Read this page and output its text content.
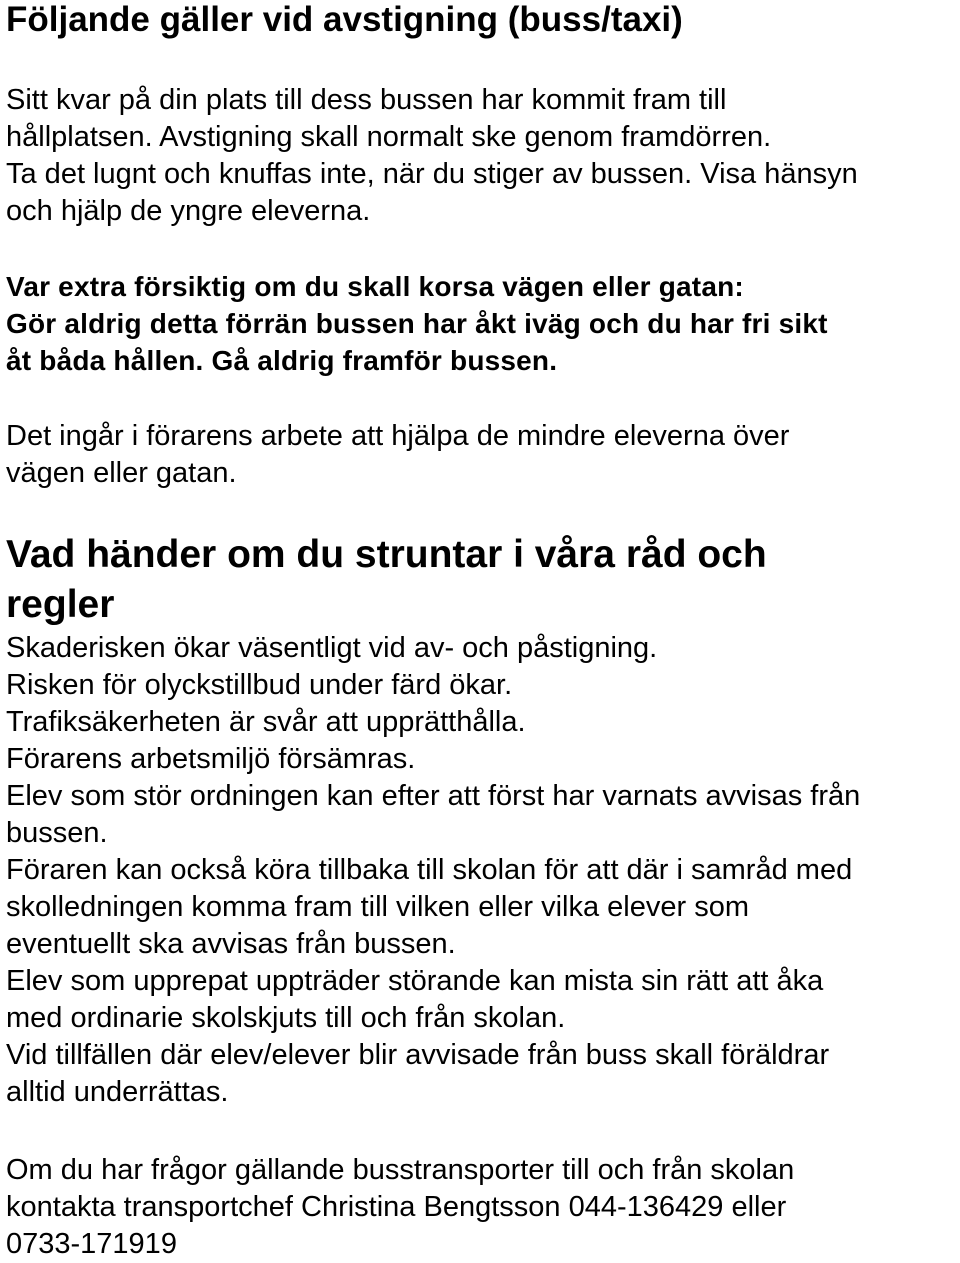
Följande gäller vid avstigning (buss/taxi)
Sitt kvar på din plats till dess bussen har kommit fram till
hållplatsen. Avstigning skall normalt ske genom framdörren.
Ta det lugnt och knuffas inte, när du stiger av bussen. Visa hänsyn
och hjälp de yngre eleverna.
Var extra försiktig om du skall korsa vägen eller gatan:
Gör aldrig detta förrän bussen har åkt iväg och du har fri sikt
åt båda hållen. Gå aldrig framför bussen.
Det ingår i förarens arbete att hjälpa de mindre eleverna över
vägen eller gatan.
Vad händer om du struntar i våra råd och
regler
Skaderisken ökar väsentligt vid av- och påstigning.
Risken för olyckstillbud under färd ökar.
Trafiksäkerheten är svår att upprätthålla.
Förarens arbetsmiljö försämras.
Elev som stör ordningen kan efter att först har varnats avvisas från
bussen.
Föraren kan också köra tillbaka till skolan för att där i samråd med
skolledningen komma fram till vilken eller vilka elever som
eventuellt ska avvisas från bussen.
Elev som upprepat uppträder störande kan mista sin rätt att åka
med ordinarie skolskjuts till och från skolan.
Vid tillfällen där elev/elever blir avvisade från buss skall föräldrar
alltid underrättas.
Om du har frågor gällande busstransporter till och från skolan
kontakta transportchef Christina Bengtsson 044-136429 eller
0733-171919
